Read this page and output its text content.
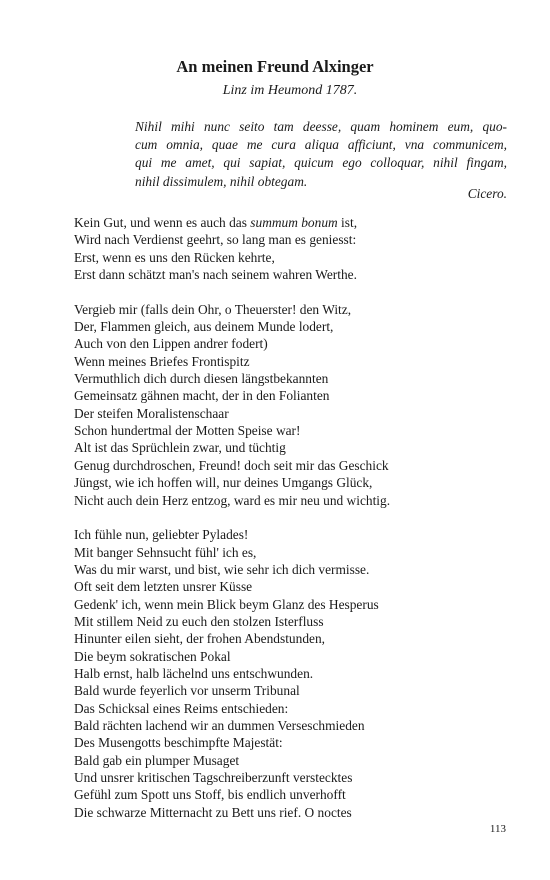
An meinen Freund Alxinger
Linz im Heumond 1787.
Nihil mihi nunc seito tam deesse, quam hominem eum, quo-
cum omnia, quae me cura aliqua afficiunt, vna communicem,
qui me amet, qui sapiat, quicum ego colloquar, nihil fingam,
nihil dissimulem, nihil obtegam.
Cicero.
Kein Gut, und wenn es auch das summum bonum ist,
Wird nach Verdienst geehrt, so lang man es geniesst:
Erst, wenn es uns den Rücken kehrte,
Erst dann schätzt man's nach seinem wahren Werthe.
Vergieb mir (falls dein Ohr, o Theuerster! den Witz,
Der, Flammen gleich, aus deinem Munde lodert,
Auch von den Lippen andrer fodert)
Wenn meines Briefes Frontispitz
Vermuthlich dich durch diesen längstbekannten
Gemeinsatz gähnen macht, der in den Folianten
Der steifen Moralistenschaar
Schon hundertmal der Motten Speise war!
Alt ist das Sprüchlein zwar, und tüchtig
Genug durchdroschen, Freund! doch seit mir das Geschick
Jüngst, wie ich hoffen will, nur deines Umgangs Glück,
Nicht auch dein Herz entzog, ward es mir neu und wichtig.
Ich fühle nun, geliebter Pylades!
Mit banger Sehnsucht fühl' ich es,
Was du mir warst, und bist, wie sehr ich dich vermisse.
Oft seit dem letzten unsrer Küsse
Gedenk' ich, wenn mein Blick beym Glanz des Hesperus
Mit stillem Neid zu euch den stolzen Isterfluss
Hinunter eilen sieht, der frohen Abendstunden,
Die beym sokratischen Pokal
Halb ernst, halb lächelnd uns entschwunden.
Bald wurde feyerlich vor unserm Tribunal
Das Schicksal eines Reims entschieden:
Bald rächten lachend wir an dummen Verseschmieden
Des Musengotts beschimpfte Majestät:
Bald gab ein plumper Musaget
Und unsrer kritischen Tagschreiberzunft verstecktes
Gefühl zum Spott uns Stoff, bis endlich unverhofft
Die schwarze Mitternacht zu Bett uns rief. O noctes
113
